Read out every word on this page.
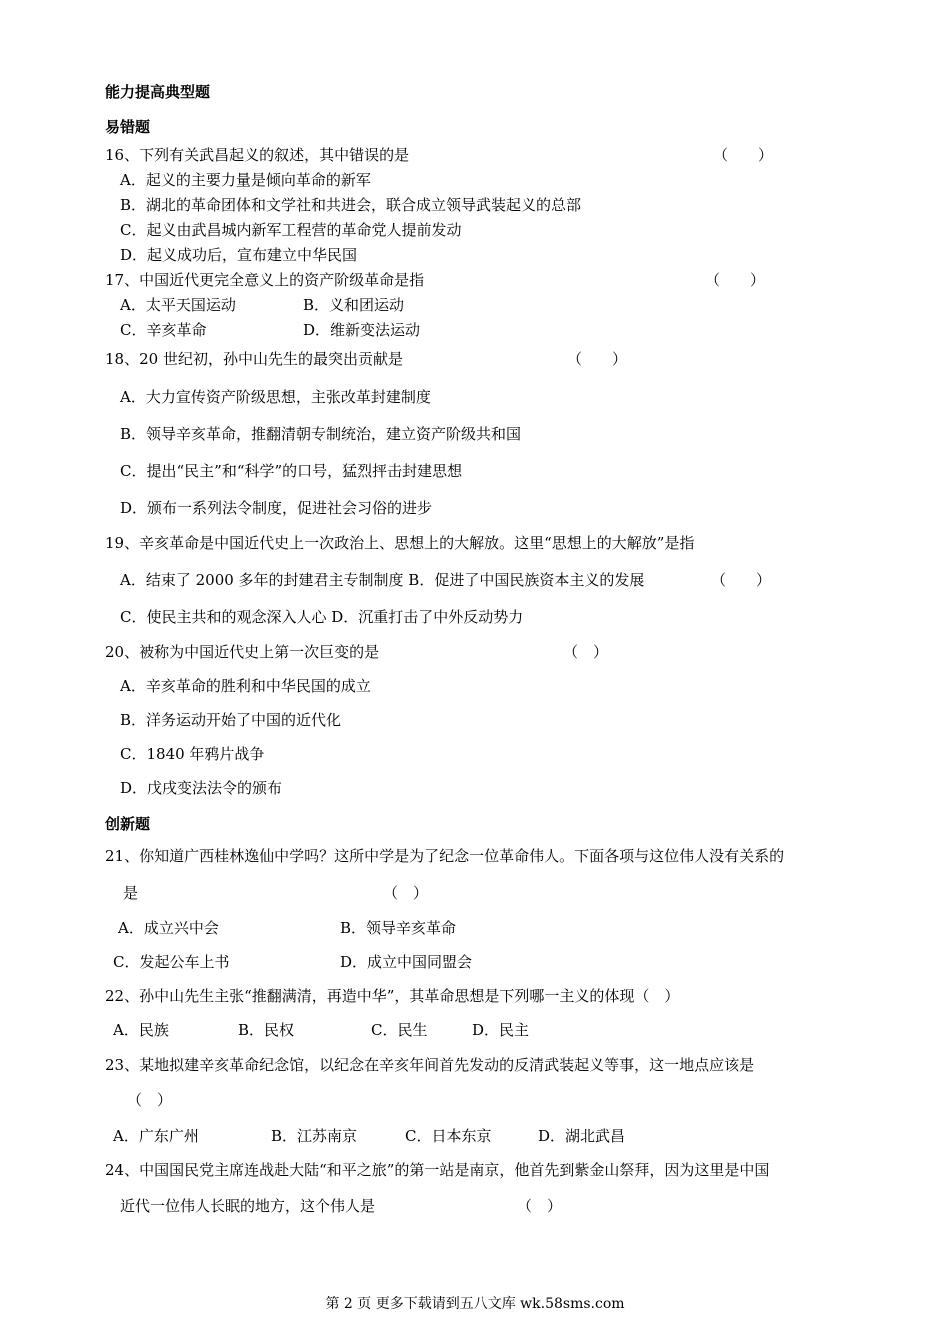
能力提高典型题
易错题
16、下列有关武昌起义的叙述，其中错误的是	（　　）
A．起义的主要力量是倾向革命的新军
B．湖北的革命团体和文学社和共进会，联合成立领导武装起义的总部
C．起义由武昌城内新军工程营的革命党人提前发动
D．起义成功后，宣布建立中华民国
17、中国近代更完全意义上的资产阶级革命是指	（　　）
A．太平天国运动	B．义和团运动
C．辛亥革命	D．维新变法运动
18、20 世纪初，孙中山先生的最突出贡献是	（　　）
A．大力宣传资产阶级思想，主张改革封建制度
B．领导辛亥革命，推翻清朝专制统治，建立资产阶级共和国
C．提出“民主”和“科学”的口号，猛烈抨击封建思想
D．颁布一系列法令制度，促进社会习俗的进步
19、辛亥革命是中国近代史上一次政治上、思想上的大解放。这里“思想上的大解放”是指
A．结束了 2000 多年的封建君主专制制度 B．促进了中国民族资本主义的发展	（　　）
C．使民主共和的观念深入人心 D．沉重打击了中外反动势力
20、被称为中国近代史上第一次巨变的是	（　）
A．辛亥革命的胜利和中华民国的成立
B．洋务运动开始了中国的近代化
C．1840 年鸦片战争
D．戊戌变法法令的颁布
创新题
21、你知道广西桂林逸仙中学吗？这所中学是为了纪念一位革命伟人。下面各项与这位伟人没有关系的
是	（　）
A．成立兴中会	B．领导辛亥革命
C．发起公车上书	D．成立中国同盟会
22、孙中山先生主张“推翻满清，再造中华”，其革命思想是下列哪一主义的体现（　）
A．民族	B．民权	C．民生	D．民主
23、某地拟建辛亥革命纪念馆，以纪念在辛亥年间首先发动的反清武装起义等事，这一地点应该是
（　）
A．广东广州	B．江苏南京	C．日本东京	D．湖北武昌
24、中国国民党主席连战赴大陆“和平之旅”的第一站是南京，他首先到紫金山祭拜，因为这里是中国
近代一位伟人长眠的地方，这个伟人是	（　）
第 2 页 更多下载请到五八文库 wk.58sms.com
